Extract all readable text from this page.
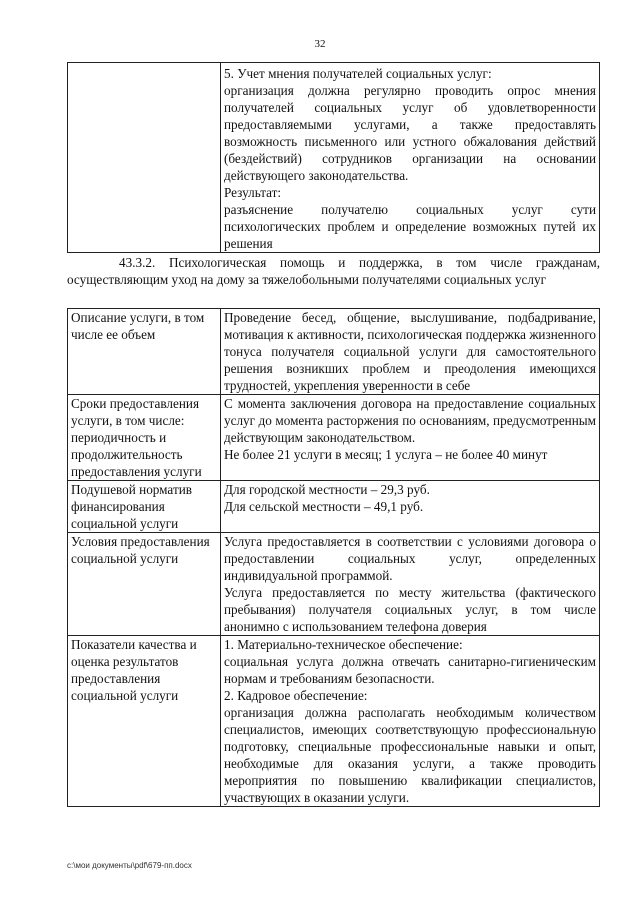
32

5. Учет мнения получателей социальных услуг:

организация должна регулярно проводить опрос мнения получателей социальных услуг об удовлетворенности предоставляемыми услугами, а также предоставлять возможность письменного или устного обжалования действий (бездействий) сотрудников организации на основании действующего законодательства.

Результат:

разъяснение получателю социальных услуг сути психологических проблем и определение возможных путей их решения

43.3.2. Психологическая помощь и поддержка, в том числе гражданам, осуществляющим уход на дому за тяжелобольными получателями социальных услуг
Описание услуги, в том числе ее объем	Проведение бесед, общение, выслушивание, подбадривание, мотивация к активности, психологическая поддержка жизненного тонуса получателя социальной услуги для самостоятельного решения возникших проблем и преодоления имеющихся трудностей, укрепления уверенности в себе

Сроки предоставления услуги, в том числе: периодичность и продолжительность предоставления услуги	С момента заключения договора на предоставление социальных услуг до момента расторжения по основаниям, предусмотренным действующим законодательством.

Не более 21 услуги в месяц; 1 услуга – не более 40 минут

Подушевой норматив финансирования социальной услуги	Для городской местности – 29,3 руб.

Для сельской местности – 49,1 руб.

Условия предоставления социальной услуги	Услуга предоставляется в соответствии с условиями договора о предоставлении социальных услуг, определенных индивидуальной программой.

Услуга предоставляется по месту жительства (фактического пребывания) получателя социальных услуг, в том числе анонимно с использованием телефона доверия

Показатели качества и оценка результатов предоставления социальной услуги	1. Материально-техническое обеспечение:

социальная услуга должна отвечать санитарно-гигиеническим нормам и требованиям безопасности.

2. Кадровое обеспечение:

организация должна располагать необходимым количеством специалистов, имеющих соответствующую профессиональную подготовку, специальные профессиональные навыки и опыт, необходимые для оказания услуги, а также проводить мероприятия по повышению квалификации специалистов, участвующих в оказании услуги.

c:\мои документы\pdf\679-пп.docx
